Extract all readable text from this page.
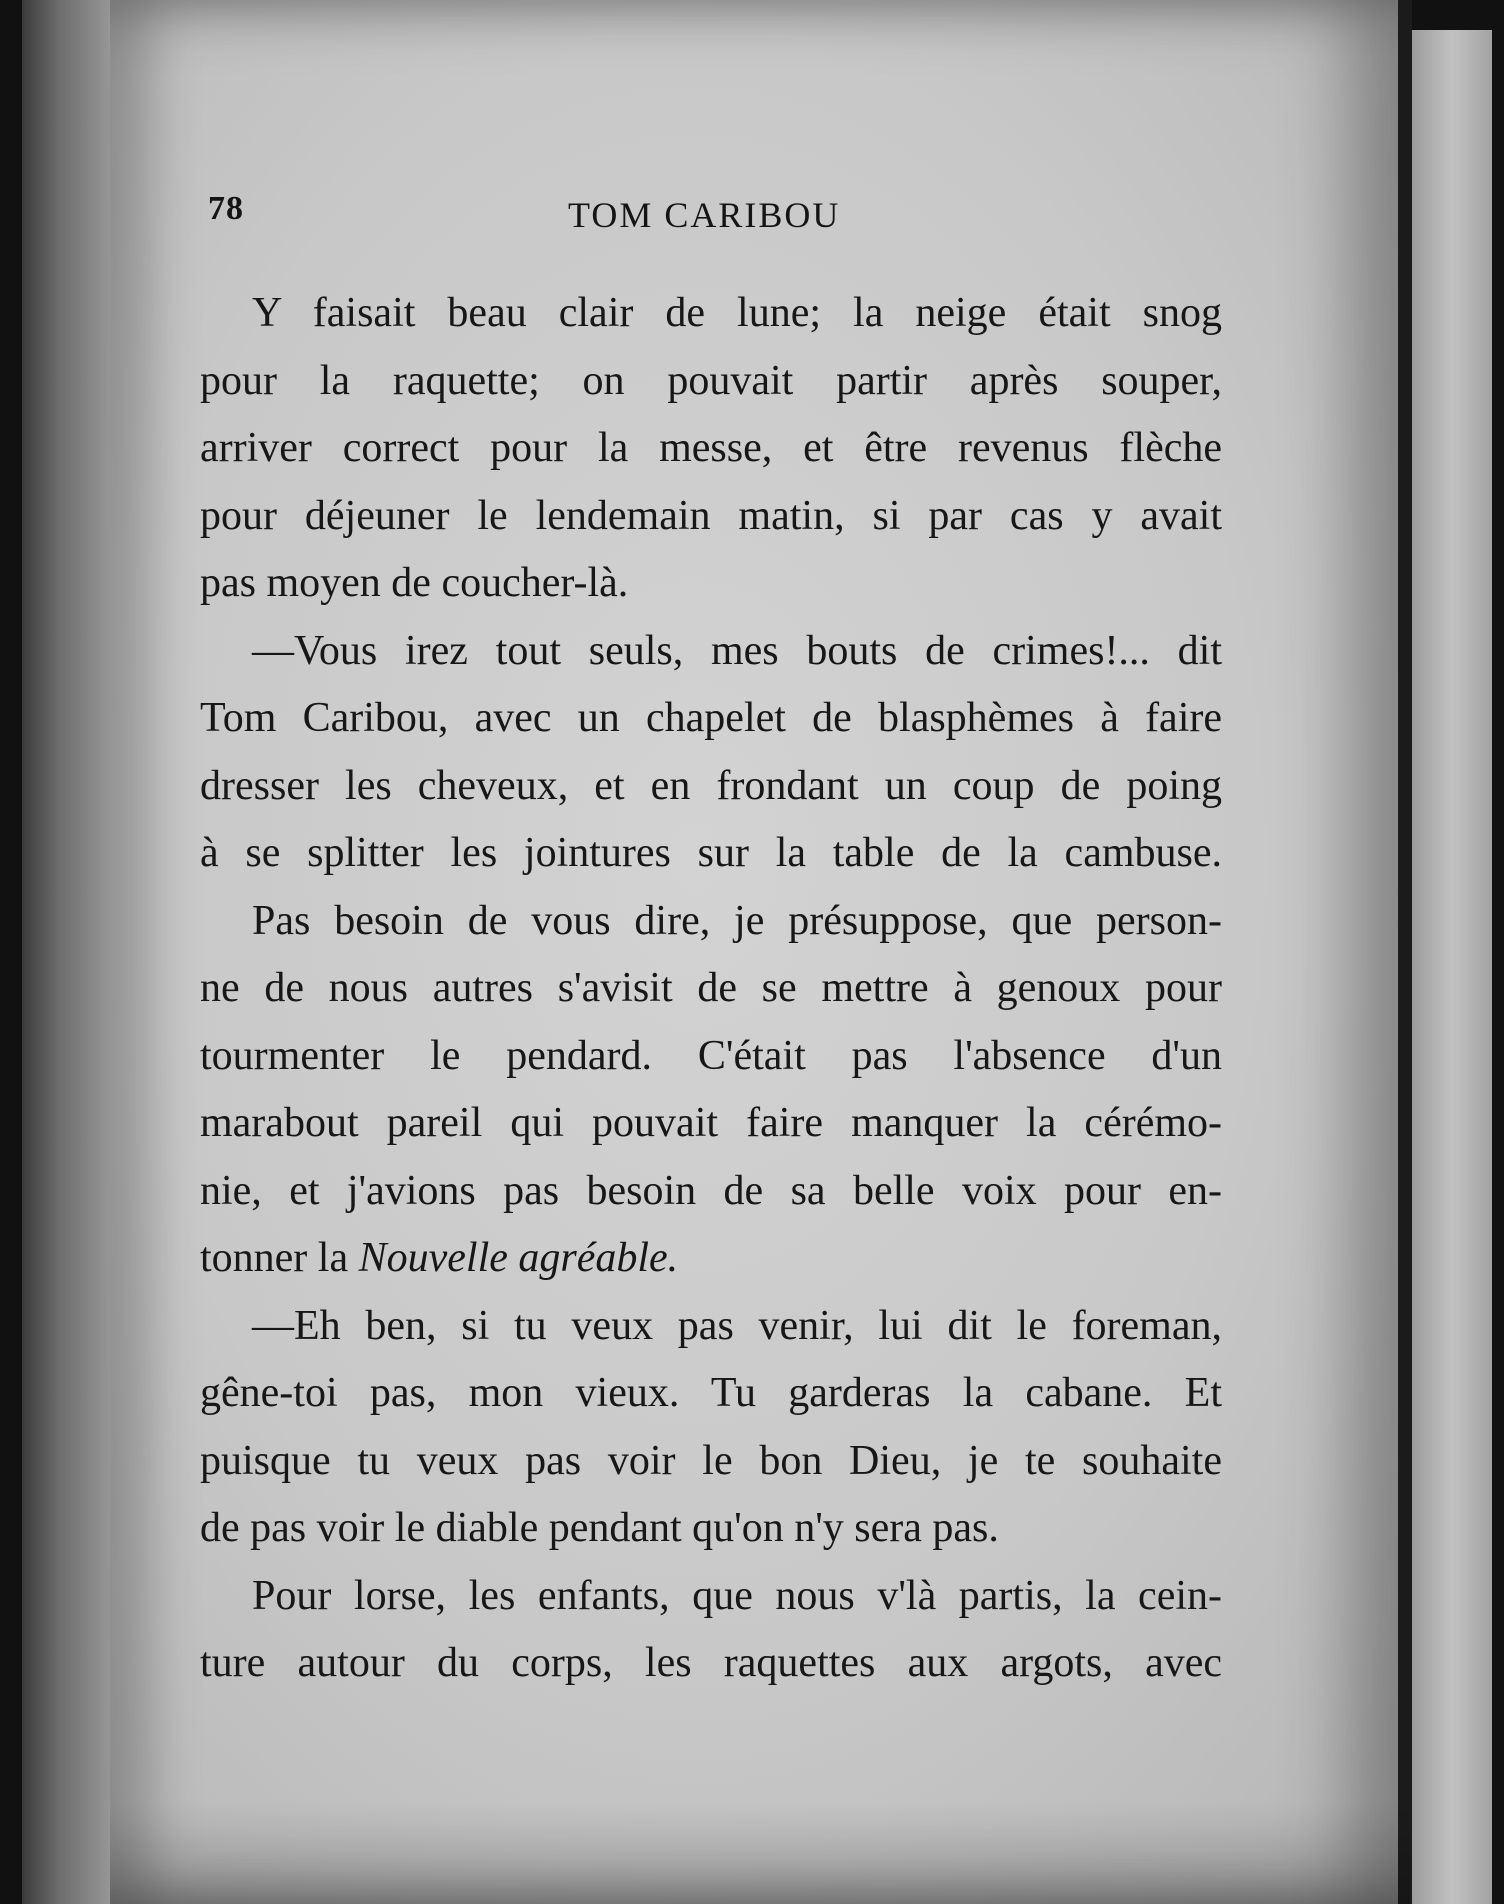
78	TOM CARIBOU
Y faisait beau clair de lune; la neige était snog
pour la raquette; on pouvait partir après souper,
arriver correct pour la messe, et être revenus flèche
pour déjeuner le lendemain matin, si par cas y avait
pas moyen de coucher-là.
—Vous irez tout seuls, mes bouts de crimes!... dit
Tom Caribou, avec un chapelet de blasphèmes à faire
dresser les cheveux, et en frondant un coup de poing
à se splitter les jointures sur la table de la cambuse.
Pas besoin de vous dire, je présuppose, que person-
ne de nous autres s'avisit de se mettre à genoux pour
tourmenter le pendard. C'était pas l'absence d'un
marabout pareil qui pouvait faire manquer la cérémo-
nie, et j'avions pas besoin de sa belle voix pour en-
tonner la Nouvelle agréable.
—Eh ben, si tu veux pas venir, lui dit le foreman,
gêne-toi pas, mon vieux. Tu garderas la cabane. Et
puisque tu veux pas voir le bon Dieu, je te souhaite
de pas voir le diable pendant qu'on n'y sera pas.
Pour lorse, les enfants, que nous v'là partis, la cein-
ture autour du corps, les raquettes aux argots, avec
